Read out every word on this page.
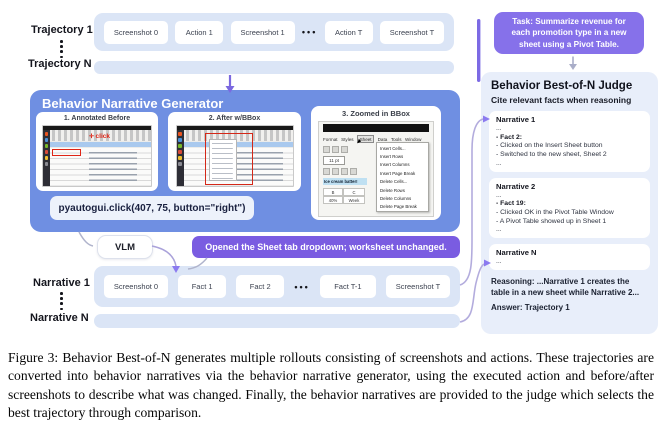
Trajectory 1
Trajectory N
Screenshot 0	Action 1	Screenshot 1	•••	Action T	Screenshot T
Task: Summarize revenue for each promotion type in a new sheet using a Pivot Table.
Behavior Narrative Generator
1. Annotated Before
✛ click
2. After w/BBox
3. Zoomed in BBox
Format Styles	Sheet	Data Tools Window
11 pt
Ice cream batter!
B	C
40%	Week
Insert Cells...
Insert Rows
Insert Columns
Insert Page Break
Delete Cells...
Delete Rows
Delete Columns
Delete Page Break
pyautogui.click(407, 75, button="right")
VLM	Opened the Sheet tab dropdown; worksheet unchanged.
Narrative 1
Narrative N
Screenshot 0	Fact 1	Fact 2	•••	Fact T-1	Screenshot T
Behavior Best-of-N Judge
Cite relevant facts when reasoning
Narrative 1
...
- Fact 2:
- Clicked on the Insert Sheet button
- Switched to the new sheet, Sheet 2
...
Narrative 2
...
- Fact 19:
- Clicked OK in the Pivot Table Window
- A Pivot Table showed up in Sheet 1
...
Narrative N
...
Reasoning: ...Narrative 1 creates the table in a new sheet while Narrative 2...
Answer: Trajectory 1
Figure 3: Behavior Best-of-N generates multiple rollouts consisting of screenshots and actions. These trajectories are converted into behavior narratives via the behavior narrative generator, using the executed action and before/after screenshots to describe what was changed. Finally, the behavior narratives are provided to the judge which selects the best trajectory through comparison.
